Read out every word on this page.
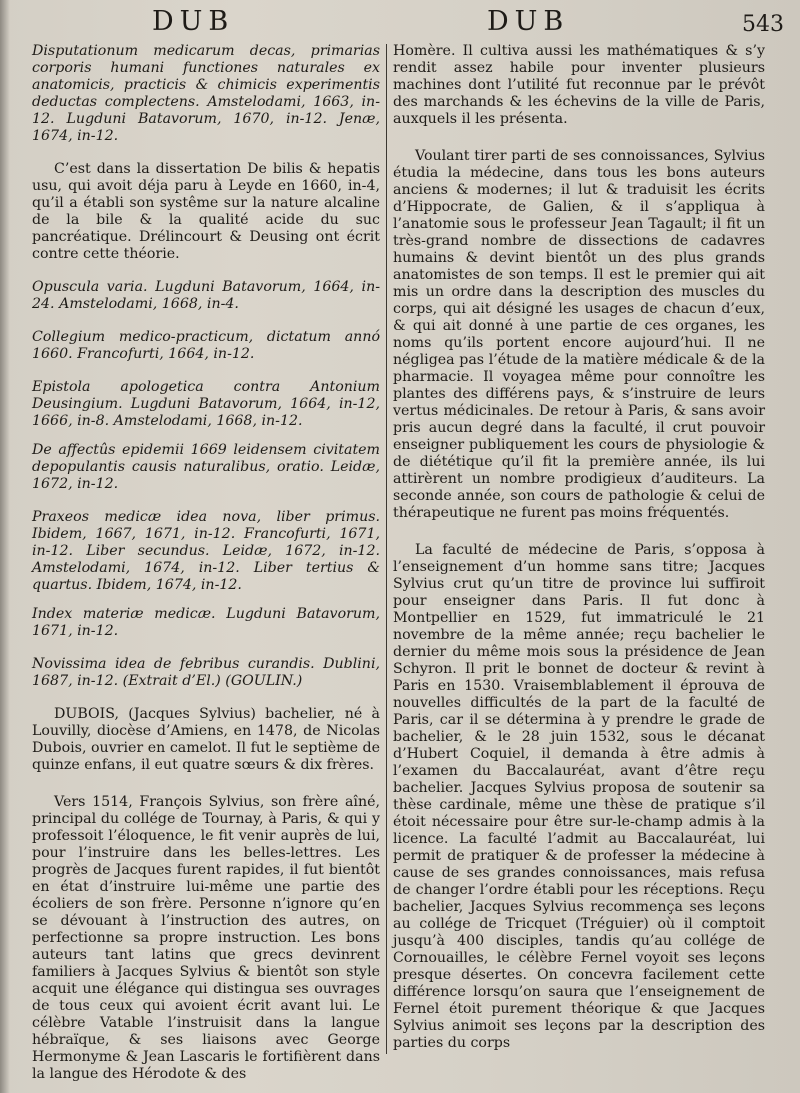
DUB	DUB	543

Disputationum medicarum decas, primarias corporis humani functiones naturales ex anatomicis, practicis & chimicis experimentis deductas complectens. Amstelodami, 1663, in-12. Lugduni Batavorum, 1670, in-12. Jenæ, 1674, in-12.

C’est dans la dissertation De bilis & hepatis usu, qui avoit déja paru à Leyde en 1660, in-4, qu’il a établi son systême sur la nature alcaline de la bile & la qualité acide du suc pancréatique. Drélincourt & Deusing ont écrit contre cette théorie.

Opuscula varia. Lugduni Batavorum, 1664, in-24. Amstelodami, 1668, in-4.

Collegium medico-practicum, dictatum annó 1660. Francofurti, 1664, in-12.

Epistola apologetica contra Antonium Deusingium. Lugduni Batavorum, 1664, in-12, 1666, in-8. Amstelodami, 1668, in-12.

De affectûs epidemii 1669 leidensem civitatem depopulantis causis naturalibus, oratio. Leidæ, 1672, in-12.

Praxeos medicæ idea nova, liber primus. Ibidem, 1667, 1671, in-12. Francofurti, 1671, in-12. Liber secundus. Leidæ, 1672, in-12. Amstelodami, 1674, in-12. Liber tertius & quartus. Ibidem, 1674, in-12.

Index materiæ medicæ. Lugduni Batavorum, 1671, in-12.

Novissima idea de febribus curandis. Dublini, 1687, in-12. (Extrait d’El.) (GOULIN.)

DUBOIS, (Jacques Sylvius) bachelier, né à Louvilly, diocèse d’Amiens, en 1478, de Nicolas Dubois, ouvrier en camelot. Il fut le septième de quinze enfans, il eut quatre sœurs & dix frères.

Vers 1514, François Sylvius, son frère aîné, principal du collége de Tournay, à Paris, & qui y professoit l’éloquence, le fit venir auprès de lui, pour l’instruire dans les belles-lettres. Les progrès de Jacques furent rapides, il fut bientôt en état d’instruire lui-même une partie des écoliers de son frère. Personne n’ignore qu’en se dévouant à l’instruction des autres, on perfectionne sa propre instruction. Les bons auteurs tant latins que grecs devinrent familiers à Jacques Sylvius & bientôt son style acquit une élégance qui distingua ses ouvrages de tous ceux qui avoient écrit avant lui. Le célèbre Vatable l’instruisit dans la langue hébraïque, & ses liaisons avec George Hermonyme & Jean Lascaris le fortifièrent dans la langue des Hérodote & des

Homère. Il cultiva aussi les mathématiques & s’y rendit assez habile pour inventer plusieurs machines dont l’utilité fut reconnue par le prévôt des marchands & les échevins de la ville de Paris, auxquels il les présenta.

Voulant tirer parti de ses connoissances, Sylvius étudia la médecine, dans tous les bons auteurs anciens & modernes; il lut & traduisit les écrits d’Hippocrate, de Galien, & il s’appliqua à l’anatomie sous le professeur Jean Tagault; il fit un très-grand nombre de dissections de cadavres humains & devint bientôt un des plus grands anatomistes de son temps. Il est le premier qui ait mis un ordre dans la description des muscles du corps, qui ait désigné les usages de chacun d’eux, & qui ait donné à une partie de ces organes, les noms qu’ils portent encore aujourd’hui. Il ne négligea pas l’étude de la matière médicale & de la pharmacie. Il voyagea même pour connoître les plantes des différens pays, & s’instruire de leurs vertus médicinales. De retour à Paris, & sans avoir pris aucun degré dans la faculté, il crut pouvoir enseigner publiquement les cours de physiologie & de diététique qu’il fit la première année, ils lui attirèrent un nombre prodigieux d’auditeurs. La seconde année, son cours de pathologie & celui de thérapeutique ne furent pas moins fréquentés.

La faculté de médecine de Paris, s’opposa à l’enseignement d’un homme sans titre; Jacques Sylvius crut qu’un titre de province lui suffiroit pour enseigner dans Paris. Il fut donc à Montpellier en 1529, fut immatriculé le 21 novembre de la même année; reçu bachelier le dernier du même mois sous la présidence de Jean Schyron. Il prit le bonnet de docteur & revint à Paris en 1530. Vraisemblablement il éprouva de nouvelles difficultés de la part de la faculté de Paris, car il se détermina à y prendre le grade de bachelier, & le 28 juin 1532, sous le décanat d’Hubert Coquiel, il demanda à être admis à l’examen du Baccalauréat, avant d’être reçu bachelier. Jacques Sylvius proposa de soutenir sa thèse cardinale, même une thèse de pratique s’il étoit nécessaire pour être sur-le-champ admis à la licence. La faculté l’admit au Baccalauréat, lui permit de pratiquer & de professer la médecine à cause de ses grandes connoissances, mais refusa de changer l’ordre établi pour les réceptions. Reçu bachelier, Jacques Sylvius recommença ses leçons au collége de Tricquet (Tréguier) où il comptoit jusqu’à 400 disciples, tandis qu’au collége de Cornouailles, le célèbre Fernel voyoit ses leçons presque désertes. On concevra facilement cette différence lorsqu’on saura que l’enseignement de Fernel étoit purement théorique & que Jacques Sylvius animoit ses leçons par la description des parties du corps
